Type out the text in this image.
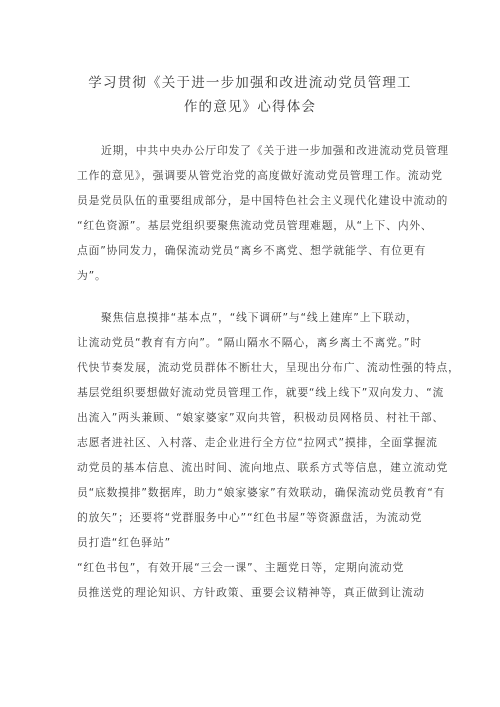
学习贯彻《关于进一步加强和改进流动党员管理工
作的意见》心得体会
近期，中共中央办公厅印发了《关于进一步加强和改进流动党员管理
工作的意见》，强调要从管党治党的高度做好流动党员管理工作。流动党
员是党员队伍的重要组成部分，是中国特色社会主义现代化建设中流动的
“红色资源”。基层党组织要聚焦流动党员管理难题，从“上下、内外、
点面”协同发力，确保流动党员“离乡不离党、想学就能学、有位更有
为”。
聚焦信息摸排“基本点”，“线下调研”与“线上建库”上下联动，
让流动党员“教育有方向”。“隔山隔水不隔心，离乡离土不离党。”时
代快节奏发展，流动党员群体不断壮大，呈现出分布广、流动性强的特点，
基层党组织要想做好流动党员管理工作，就要“线上线下”双向发力、“流
出流入”两头兼顾、“娘家婆家”双向共管，积极动员网格员、村社干部、
志愿者进社区、入村落、走企业进行全方位“拉网式”摸排，全面掌握流
动党员的基本信息、流出时间、流向地点、联系方式等信息，建立流动党
员“底数摸排”数据库，助力“娘家婆家”有效联动，确保流动党员教育“有
的放矢”；还要将“党群服务中心”“红色书屋”等资源盘活，为流动党
员打造“红色驿站”
“红色书包”，有效开展“三会一课”、主题党日等，定期向流动党
员推送党的理论知识、方针政策、重要会议精神等，真正做到让流动
